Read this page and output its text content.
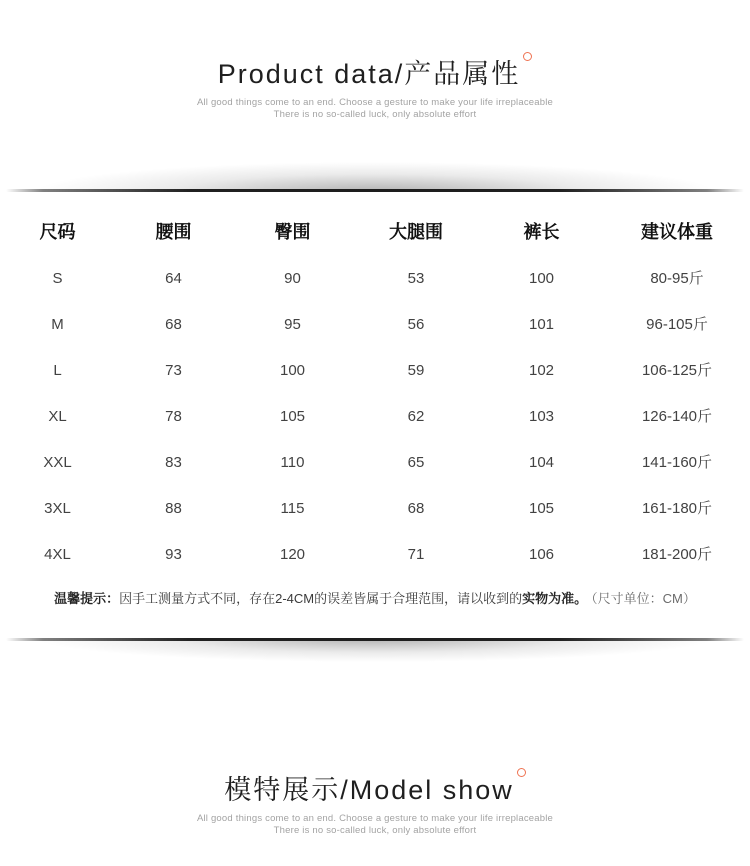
Product data/产品属性

All good things come to an end. Choose a gesture to make your life irreplaceable

There is no so-called luck, only absolute effort

尺码	腰围	臀围	大腿围	裤长	建议体重
S	64	90	53	100	80-95斤
M	68	95	56	101	96-105斤
L	73	100	59	102	106-125斤
XL	78	105	62	103	126-140斤
XXL	83	110	65	104	141-160斤
3XL	88	115	68	105	161-180斤
4XL	93	120	71	106	181-200斤

温馨提示：因手工测量方式不同，存在2-4CM的误差皆属于合理范围，请以收到的实物为准。 （尺寸单位：CM）

模特展示/Model show

All good things come to an end. Choose a gesture to make your life irreplaceable

There is no so-called luck, only absolute effort
